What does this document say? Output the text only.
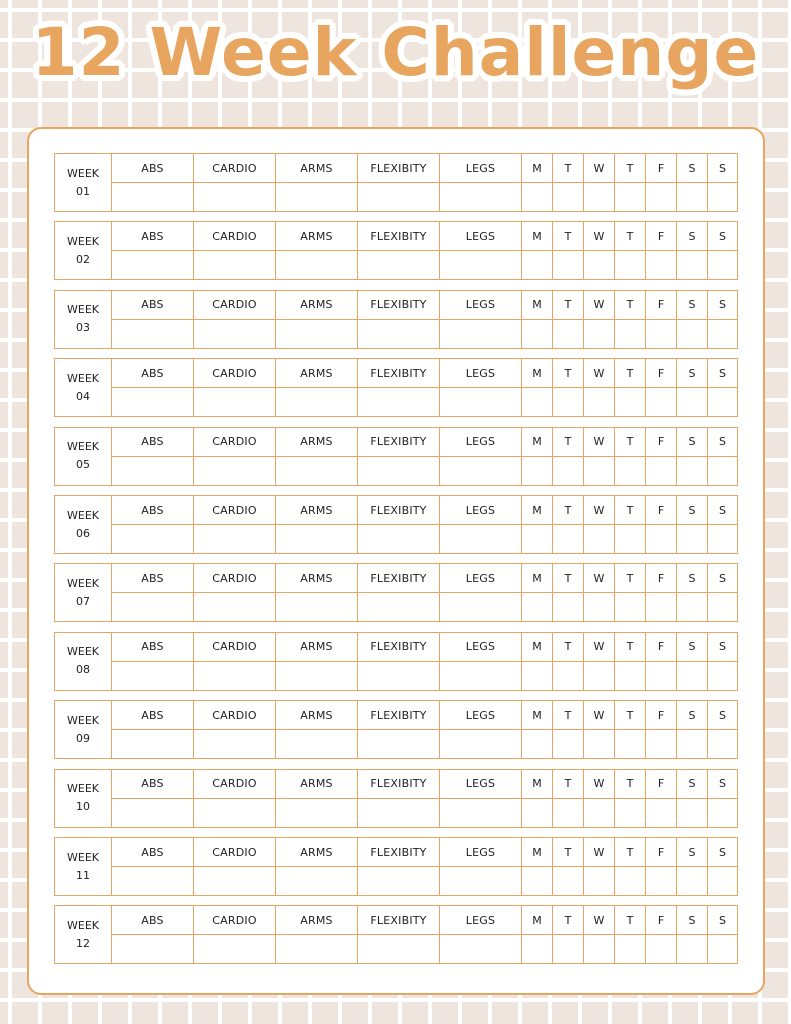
12 Week Challenge
WEEK
01	ABS	CARDIO	ARMS	FLEXIBITY	LEGS	M	T	W	T	F	S	S

WEEK
02	ABS	CARDIO	ARMS	FLEXIBITY	LEGS	M	T	W	T	F	S	S

WEEK
03	ABS	CARDIO	ARMS	FLEXIBITY	LEGS	M	T	W	T	F	S	S

WEEK
04	ABS	CARDIO	ARMS	FLEXIBITY	LEGS	M	T	W	T	F	S	S

WEEK
05	ABS	CARDIO	ARMS	FLEXIBITY	LEGS	M	T	W	T	F	S	S

WEEK
06	ABS	CARDIO	ARMS	FLEXIBITY	LEGS	M	T	W	T	F	S	S

WEEK
07	ABS	CARDIO	ARMS	FLEXIBITY	LEGS	M	T	W	T	F	S	S

WEEK
08	ABS	CARDIO	ARMS	FLEXIBITY	LEGS	M	T	W	T	F	S	S

WEEK
09	ABS	CARDIO	ARMS	FLEXIBITY	LEGS	M	T	W	T	F	S	S

WEEK
10	ABS	CARDIO	ARMS	FLEXIBITY	LEGS	M	T	W	T	F	S	S

WEEK
11	ABS	CARDIO	ARMS	FLEXIBITY	LEGS	M	T	W	T	F	S	S

WEEK
12	ABS	CARDIO	ARMS	FLEXIBITY	LEGS	M	T	W	T	F	S	S
